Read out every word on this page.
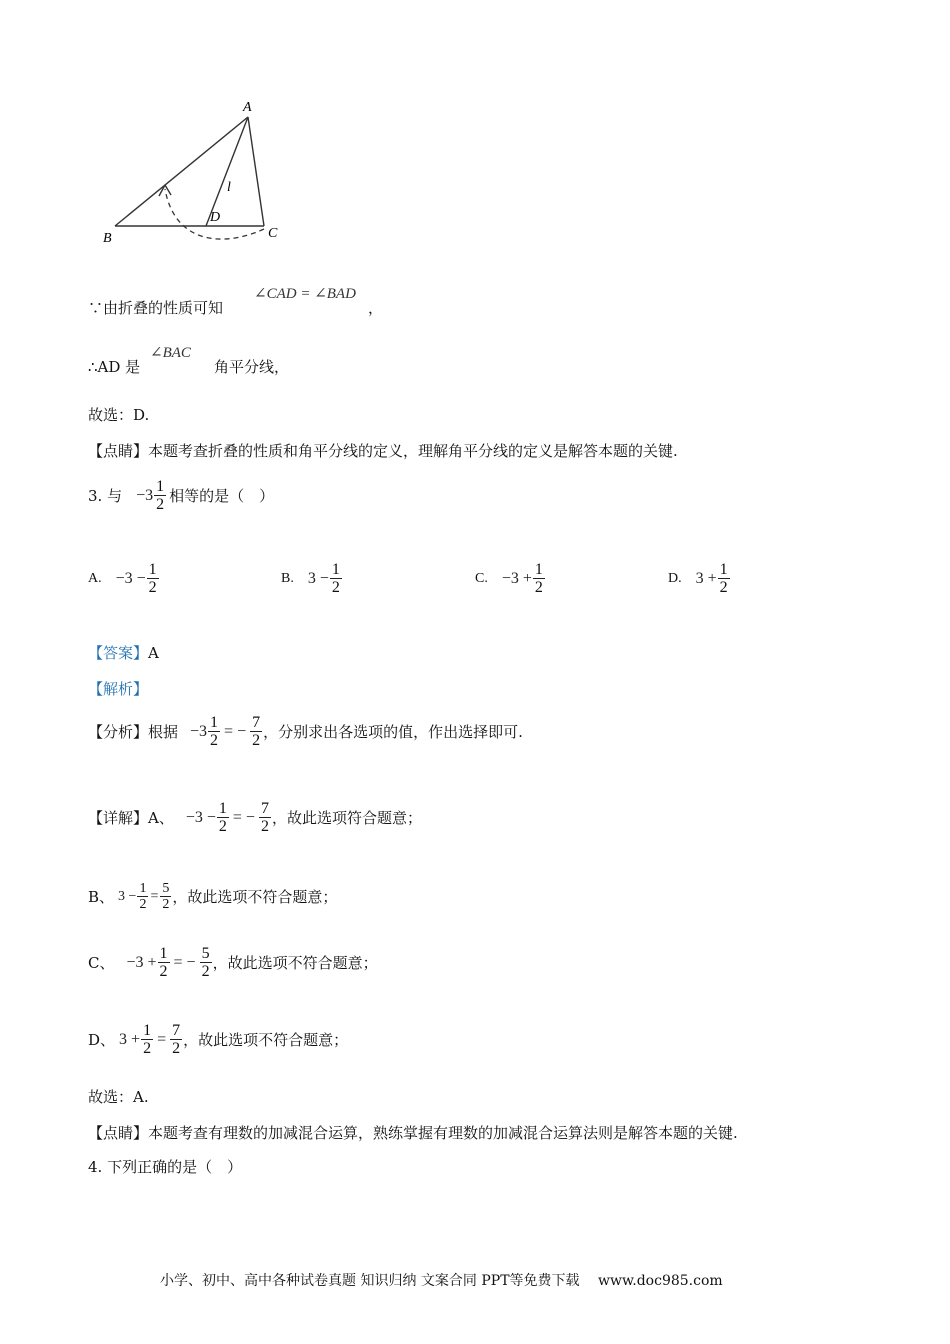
A
B	C
D
l
∵由折叠的性质可知
∠CAD = ∠BAD
，
∴AD 是
∠BAC
角平分线，
故选：D.
【点睛】本题考查折叠的性质和角平分线的定义，理解角平分线的定义是解答本题的关键.
3. 与 $-3 \frac{1}{2}$ 相等的是（　）
A. $-3 - \frac{1}{2}$	B. $3 - \frac{1}{2}$	C. $-3 + \frac{1}{2}$	D. $3 + \frac{1}{2}$
【答案】A
【解析】
【分析】根据 $-3 \frac{1}{2}$ = − $\frac{7}{2}$ ，分别求出各选项的值，作出选择即可.
【详解】A、 $-3 - \frac{1}{2}$ = − $\frac{7}{2}$ ，故此选项符合题意；
B、 $3 - \frac{1}{2} = \frac{5}{2}$ ，故此选项不符合题意；
C、 $-3 + \frac{1}{2}$ = − $\frac{5}{2}$ ，故此选项不符合题意；
D、 $3 + \frac{1}{2} = \frac{7}{2}$ ，故此选项不符合题意；
故选：A.
【点睛】本题考查有理数的加减混合运算，熟练掌握有理数的加减混合运算法则是解答本题的关键.
4. 下列正确的是（　）
小学、初中、高中各种试卷真题 知识归纳 文案合同 PPT等免费下载　 www.doc985.com
